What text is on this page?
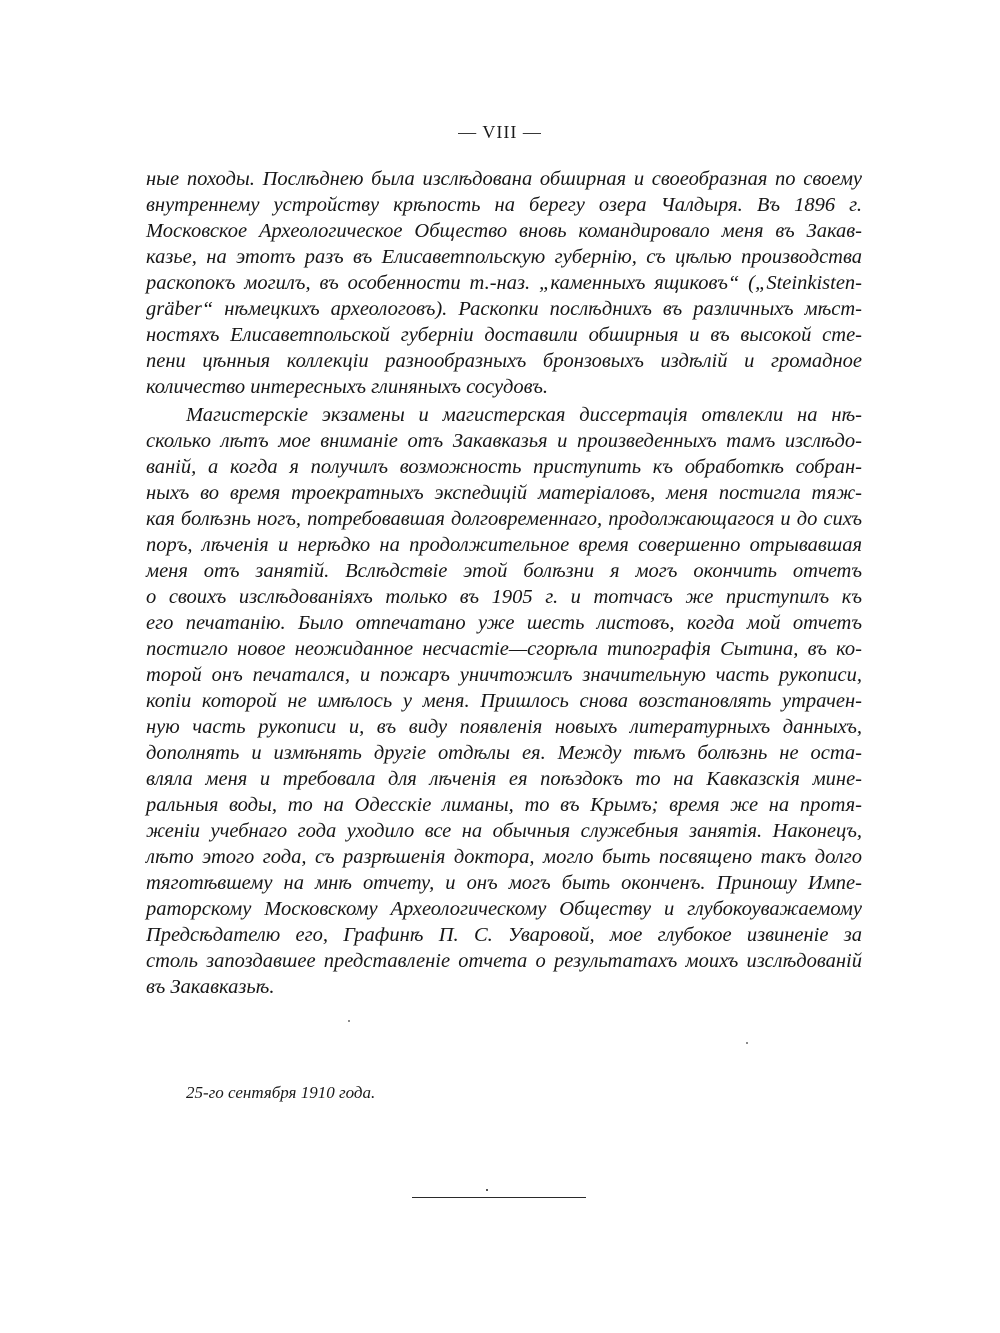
— VIII —
ные походы. Послѣднею была изслѣдована обширная и своеобразная по своему
внутреннему устройству крѣпость на берегу озера Чалдыря. Въ 1896 г.
Московское Археологическое Общество вновь командировало меня въ Закав-
казье, на этотъ разъ въ Елисаветпольскую губернію, съ цѣлью производства
раскопокъ могилъ, въ особенности т.-наз. „каменныхъ ящиковъ“ („Steinkisten-
gräber“ нѣмецкихъ археологовъ). Раскопки послѣднихъ въ различныхъ мѣст-
ностяхъ Елисаветпольской губерніи доставили обширныя и въ высокой сте-
пени цѣнныя коллекціи разнообразныхъ бронзовыхъ издѣлій и громадное
количество интересныхъ глиняныхъ сосудовъ.
Магистерскіе экзамены и магистерская диссертація отвлекли на нѣ-
сколько лѣтъ мое вниманіе отъ Закавказья и произведенныхъ тамъ изслѣдо-
ваній, а когда я получилъ возможность приступить къ обработкѣ собран-
ныхъ во время троекратныхъ экспедицій матеріаловъ, меня постигла тяж-
кая болѣзнь ногъ, потребовавшая долговременнаго, продолжающагося и до сихъ
поръ, лѣченія и нерѣдко на продолжительное время совершенно отрывавшая
меня отъ занятій. Вслѣдствіе этой болѣзни я могъ окончить отчетъ
о своихъ изслѣдованіяхъ только въ 1905 г. и тотчасъ же приступилъ къ
его печатанію. Было отпечатано уже шесть листовъ, когда мой отчетъ
постигло новое неожиданное несчастіе—сгорѣла типографія Сытина, въ ко-
торой онъ печатался, и пожаръ уничтожилъ значительную часть рукописи,
копіи которой не имѣлось у меня. Пришлось снова возстановлять утрачен-
ную часть рукописи и, въ виду появленія новыхъ литературныхъ данныхъ,
дополнять и измѣнять другіе отдѣлы ея. Между тѣмъ болѣзнь не оста-
вляла меня и требовала для лѣченія ея поѣздокъ то на Кавказскія мине-
ральныя воды, то на Одесскіе лиманы, то въ Крымъ; время же на протя-
женіи учебнаго года уходило все на обычныя служебныя занятія. Наконецъ,
лѣто этого года, съ разрѣшенія доктора, могло быть посвящено такъ долго
тяготѣвшему на мнѣ отчету, и онъ могъ быть оконченъ. Приношу Импе-
раторскому Московскому Археологическому Обществу и глубокоуважаемому
Предсѣдателю его, Графинѣ П. С. Уваровой, мое глубокое извиненіе за
столь запоздавшее представленіе отчета о результатахъ моихъ изслѣдованій
въ Закавказьѣ.
25-го сентября 1910 года.
